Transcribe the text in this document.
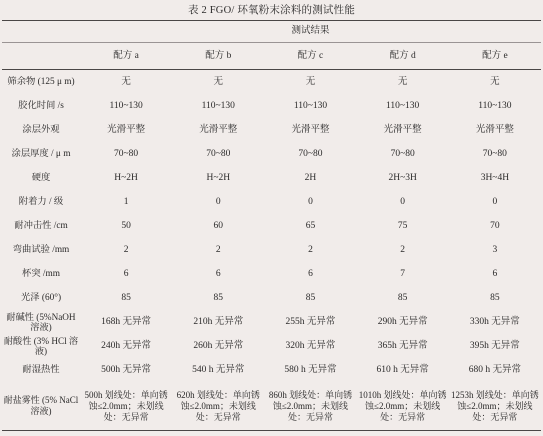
表 2 FGO/ 环氧粉末涂料的测试性能
	测试结果				
	配方 a	配方 b	配方 c	配方 d	配方 e
筛余物 (125 μ m)	无	无	无	无	无
胶化时间 /s	110~130	110~130	110~130	110~130	110~130
涂层外观	光滑平整	光滑平整	光滑平整	光滑平整	光滑平整
涂层厚度 / μ m	70~80	70~80	70~80	70~80	70~80
硬度	H~2H	H~2H	2H	2H~3H	3H~4H
附着力 / 级	1	0	0	0	0
耐冲击性 /cm	50	60	65	75	70
弯曲试验 /mm	2	2	2	2	3
杯突 /mm	6	6	6	7	6
光泽 (60°)	85	85	85	85	85
耐碱性 (5%NaOH 溶液)	168h 无异常	210h 无异常	255h 无异常	290h 无异常	330h 无异常
耐酸性 (3% HCl 溶液)	240h 无异常	260h 无异常	320h 无异常	365h 无异常	395h 无异常
耐湿热性	500h 无异常	540 h 无异常	580 h 无异常	610 h 无异常	680 h 无异常
耐盐雾性 (5% NaCl 溶液)	500h 划线处：单向锈蚀≤2.0mm；未划线处：无异常	620h 划线处：单向锈蚀≤2.0mm；未划线处：无异常	860h 划线处：单向锈蚀≤2.0mm；未划线处：无异常	1010h 划线处：单向锈蚀≤2.0mm；未划线处：无异常	1253h 划线处：单向锈蚀≤2.0mm；未划线处：无异常
